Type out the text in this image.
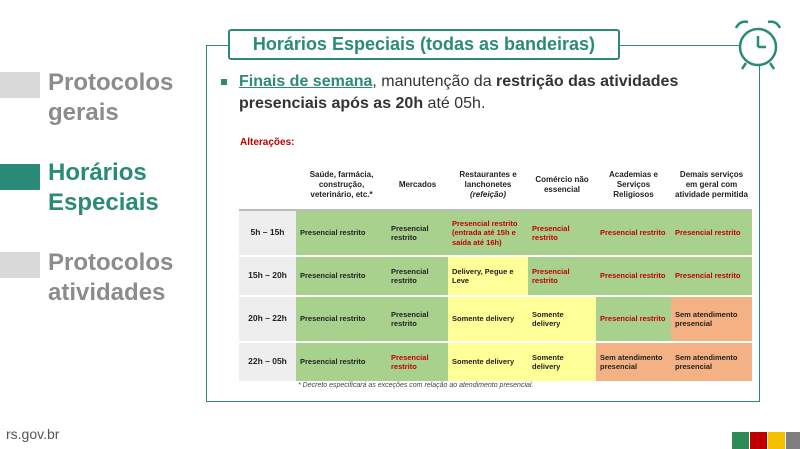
Protocolos
gerais
Horários
Especiais
Protocolos
atividades
rs.gov.br
Horários Especiais (todas as bandeiras)
Finais de semana, manutenção da restrição das atividades presenciais após as 20h até 05h.
Alterações:
	Saúde, farmácia, construção, veterinário, etc.*	Mercados	Restaurantes e lanchonetes
(refeição)	Comércio não essencial	Academias e Serviços Religiosos	Demais serviços em geral com atividade permitida
5h – 15h	Presencial restrito	Presencial restrito	Presencial restrito (entrada até 15h e saída até 16h)	Presencial restrito	Presencial restrito	Presencial restrito
15h – 20h	Presencial restrito	Presencial restrito	Delivery, Pegue e Leve	Presencial restrito	Presencial restrito	Presencial restrito
20h – 22h	Presencial restrito	Presencial restrito	Somente delivery	Somente delivery	Presencial restrito	Sem atendimento presencial
22h – 05h	Presencial restrito	Presencial restrito	Somente delivery	Somente delivery	Sem atendimento presencial	Sem atendimento presencial
* Decreto especificará as exceções com relação ao atendimento presencial.
